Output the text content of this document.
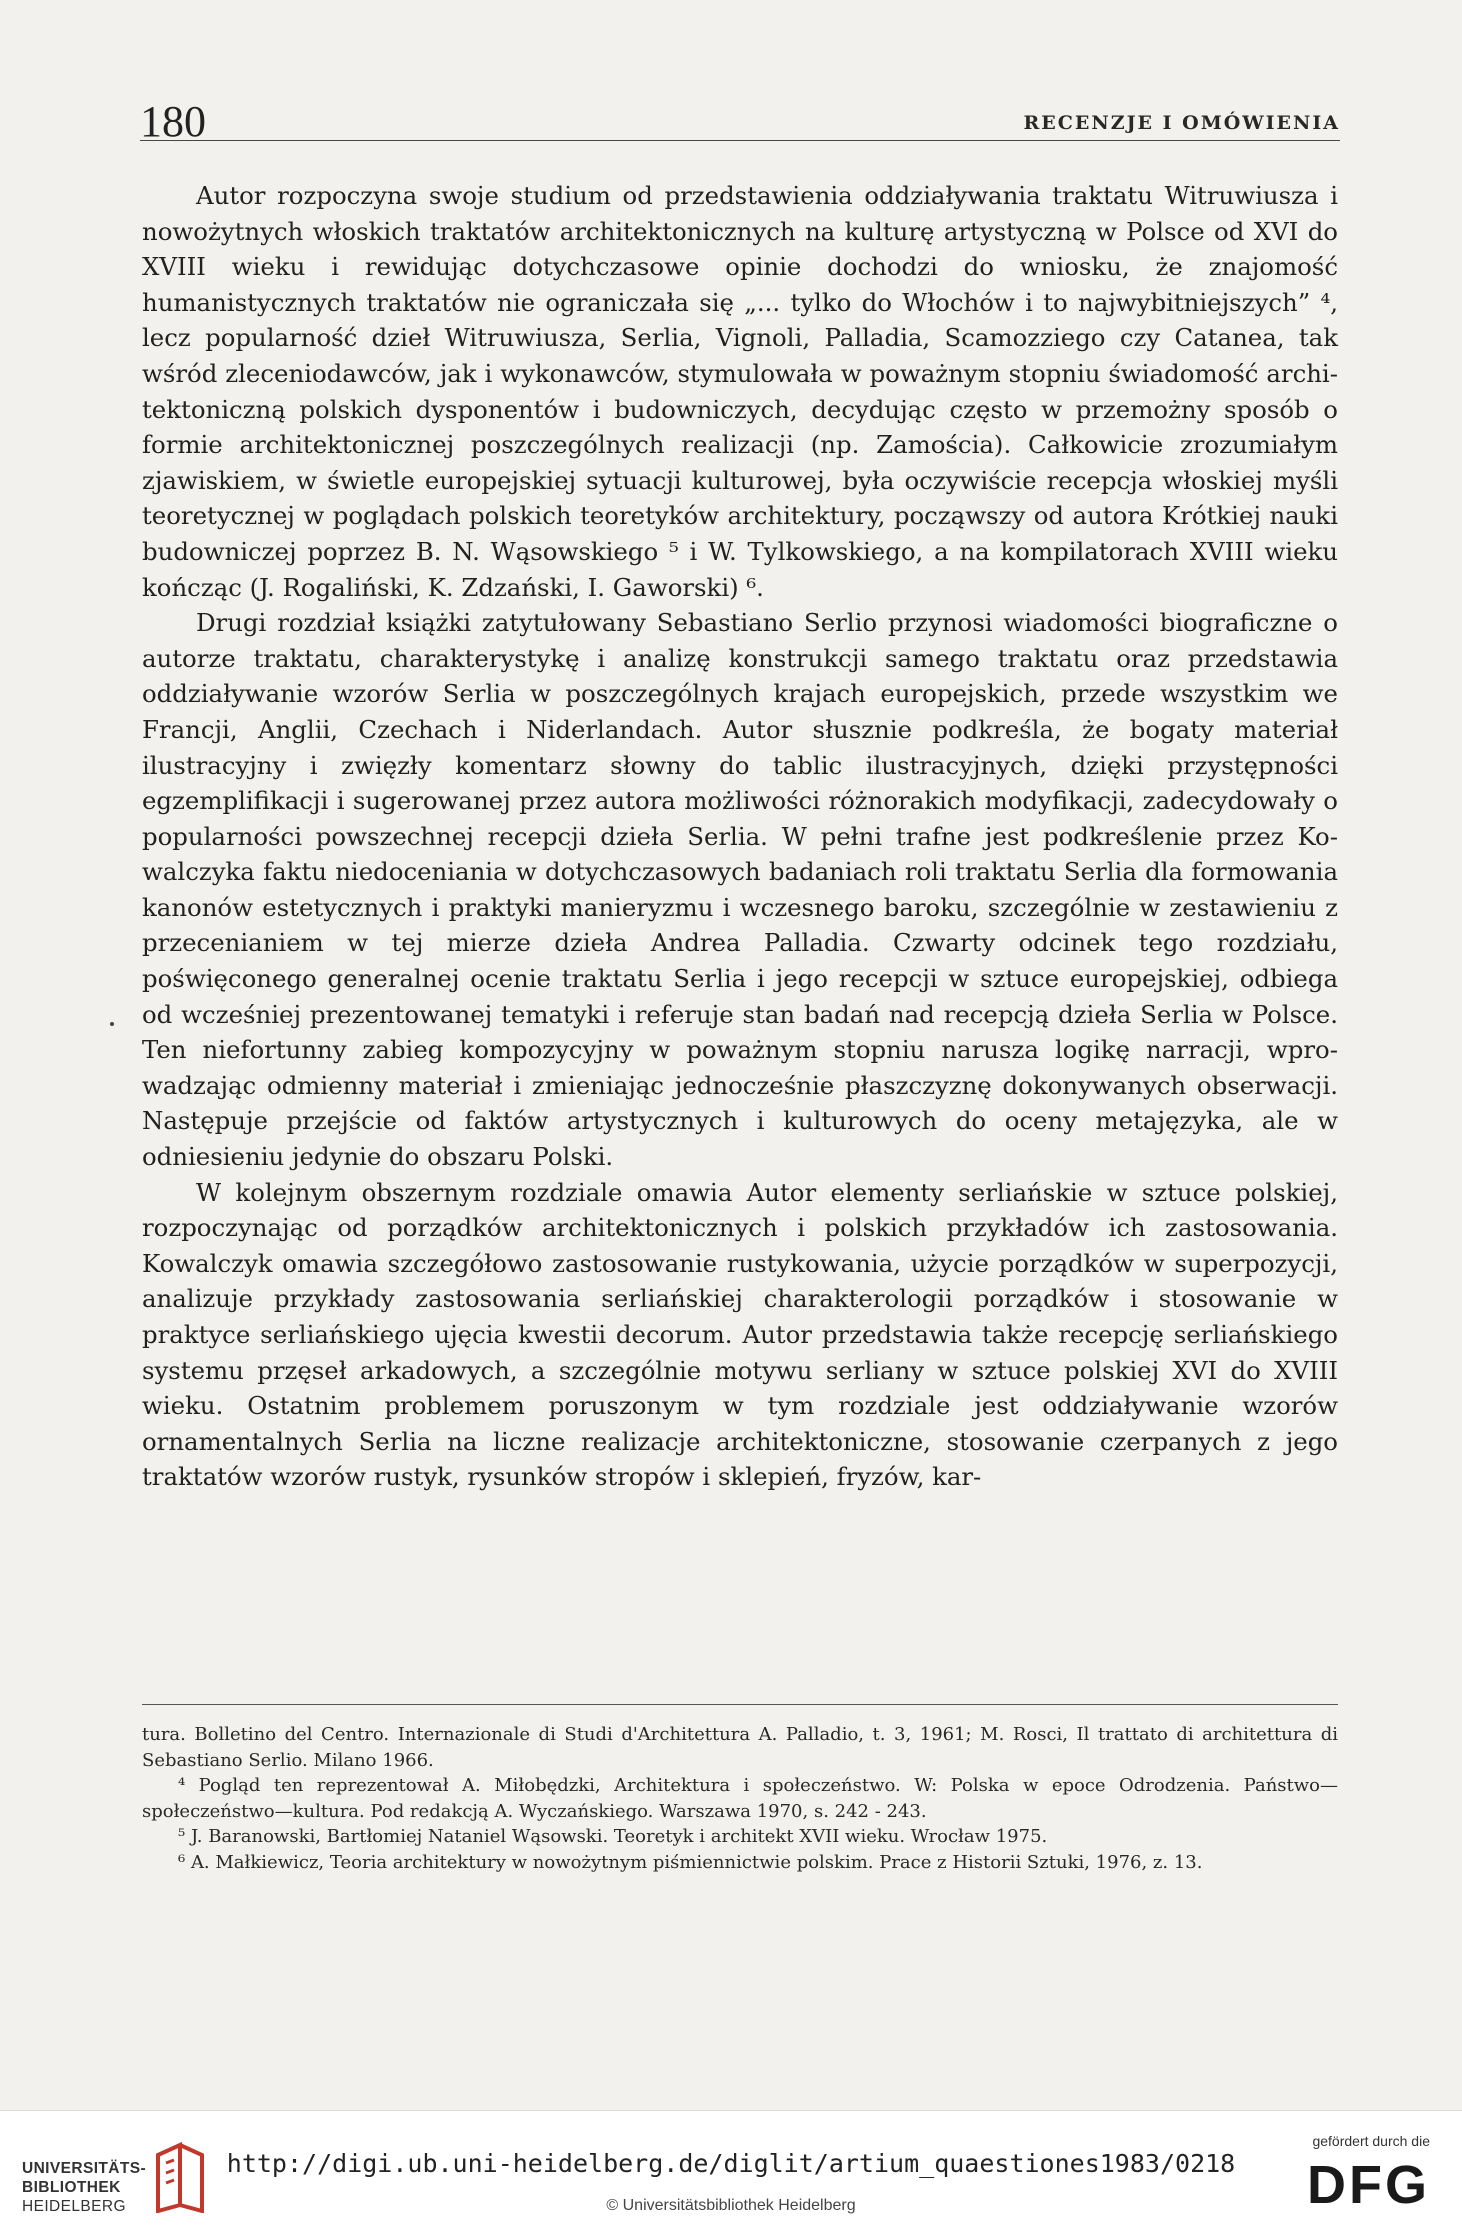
180	RECENZJE I OMÓWIENIA

Autor rozpoczyna swoje studium od przedstawienia oddziaływania traktatu Witruwiusza i nowożytnych włoskich traktatów architektonicznych na kulturę artystyczną w Polsce od XVI do XVIII wieku i rewidując dotychczasowe opinie dochodzi do wniosku, że znajomość humanistycznych traktatów nie ograniczała się „... tylko do Włochów i to najwybitniejszych” ⁴, lecz popularność dzieł Witruwiusza, Serlia, Vignoli, Palladia, Scamozziego czy Catanea, tak wśród zleceniodawców, jak i wykonawców, stymulowała w poważnym stopniu świadomość architektoniczną polskich dysponentów i budowniczych, decydując często w przemożny sposób o formie architektonicznej poszczególnych realizacji (np. Zamościa). Całkowicie zrozumiałym zjawiskiem, w świetle europejskiej sytuacji kulturowej, była oczywiście recepcja włoskiej myśli teoretycznej w poglądach polskich teoretyków architektury, począwszy od autora Krótkiej nauki budowniczej poprzez B. N. Wąsowskiego ⁵ i W. Tylkowskiego, a na kompilatorach XVIII wieku kończąc (J. Rogaliński, K. Zdzański, I. Gaworski) ⁶.

Drugi rozdział książki zatytułowany Sebastiano Serlio przynosi wiadomości biograficzne o autorze traktatu, charakterystykę i analizę konstrukcji samego traktatu oraz przedstawia oddziaływanie wzorów Serlia w poszczególnych krajach europejskich, przede wszystkim we Francji, Anglii, Czechach i Niderlandach. Autor słusznie podkreśla, że bogaty materiał ilustracyjny i zwięzły komentarz słowny do tablic ilustracyjnych, dzięki przystępności egzemplifikacji i sugerowanej przez autora możliwości różnorakich modyfikacji, zadecydowały o popularności powszechnej recepcji dzieła Serlia. W pełni trafne jest podkreślenie przez Kowalczyka faktu niedoceniania w dotychczasowych badaniach roli traktatu Serlia dla formowania kanonów estetycznych i praktyki manieryzmu i wczesnego baroku, szczególnie w zestawieniu z przecenianiem w tej mierze dzieła Andrea Palladia. Czwarty odcinek tego rozdziału, poświęconego generalnej ocenie traktatu Serlia i jego recepcji w sztuce europejskiej, odbiega od wcześniej prezentowanej tematyki i referuje stan badań nad recepcją dzieła Serlia w Polsce. Ten niefortunny zabieg kompozycyjny w poważnym stopniu narusza logikę narracji, wprowadzając odmienny materiał i zmieniając jednocześnie płaszczyznę dokonywanych obserwacji. Następuje przejście od faktów artystycznych i kulturowych do oceny metajęzyka, ale w odniesieniu jedynie do obszaru Polski.

W kolejnym obszernym rozdziale omawia Autor elementy serliańskie w sztuce polskiej, rozpoczynając od porządków architektonicznych i polskich przykładów ich zastosowania. Kowalczyk omawia szczegółowo zastosowanie rustykowania, użycie porządków w superpozycji, analizuje przykłady zastosowania serliańskiej charakterologii porządków i stosowanie w praktyce serliańskiego ujęcia kwestii decorum. Autor przedstawia także recepcję serliańskiego systemu przęseł arkadowych, a szczególnie motywu serliany w sztuce polskiej XVI do XVIII wieku. Ostatnim problemem poruszonym w tym rozdziale jest oddziaływanie wzorów ornamentalnych Serlia na liczne realizacje architektoniczne, stosowanie czerpanych z jego traktatów wzorów rustyk, rysunków stropów i sklepień, fryzów, kar-

tura. Bolletino del Centro. Internazionale di Studi d'Architettura A. Palladio, t. 3, 1961; M. Rosci, Il trattato di architettura di Sebastiano Serlio. Milano 1966.

⁴ Pogląd ten reprezentował A. Miłobędzki, Architektura i społeczeństwo. W: Polska w epoce Odrodzenia. Państwo—społeczeństwo—kultura. Pod redakcją A. Wyczańskiego. Warszawa 1970, s. 242 - 243.

⁵ J. Baranowski, Bartłomiej Nataniel Wąsowski. Teoretyk i architekt XVII wieku. Wrocław 1975.

⁶ A. Małkiewicz, Teoria architektury w nowożytnym piśmiennictwie polskim. Prace z Historii Sztuki, 1976, z. 13.

UNIVERSITÄTS-
BIBLIOTHEK
HEIDELBERG
http://digi.ub.uni-heidelberg.de/diglit/artium_quaestiones1983/0218
© Universitätsbibliothek Heidelberg
gefördert durch die
DFG
